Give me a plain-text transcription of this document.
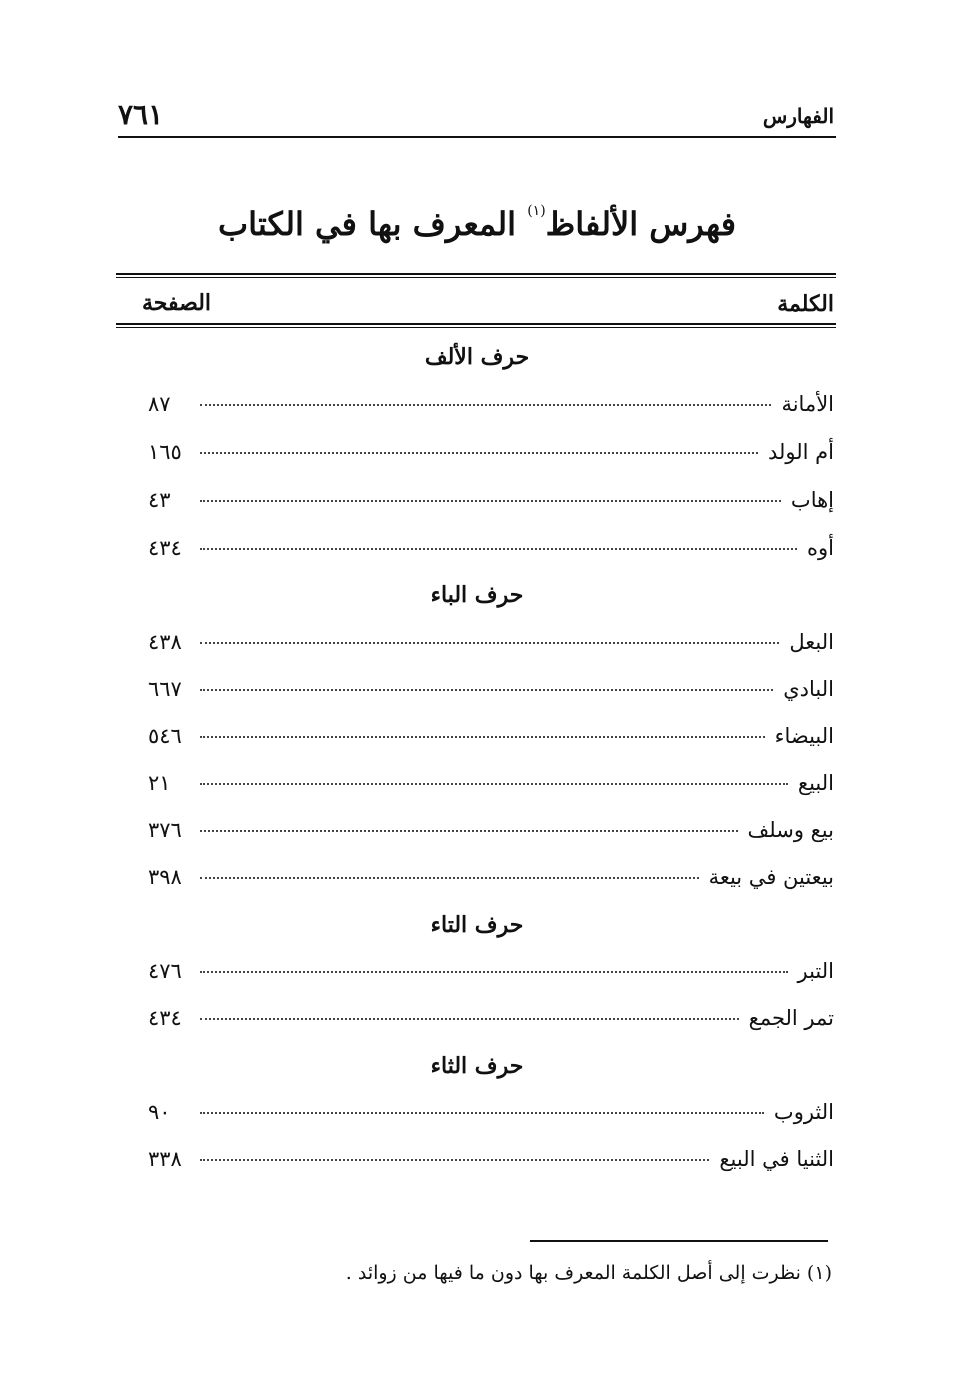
الفهارس
٧٦١
فهرس الألفاظ$^{(١)}$ المعرف بها في الكتاب
الكلمة
الصفحة
حرف الألف
الأمانة
٨٧
أم الولد
١٦٥
إهاب
٤٣
أوه
٤٣٤
حرف الباء
البعل
٤٣٨
البادي
٦٦٧
البيضاء
٥٤٦
البيع
٢١
بيع وسلف
٣٧٦
بيعتين في بيعة
٣٩٨
حرف التاء
التبر
٤٧٦
تمر الجمع
٤٣٤
حرف الثاء
الثروب
٩٠
الثنيا في البيع
٣٣٨
(١) نظرت إلى أصل الكلمة المعرف بها دون ما فيها من زوائد .
